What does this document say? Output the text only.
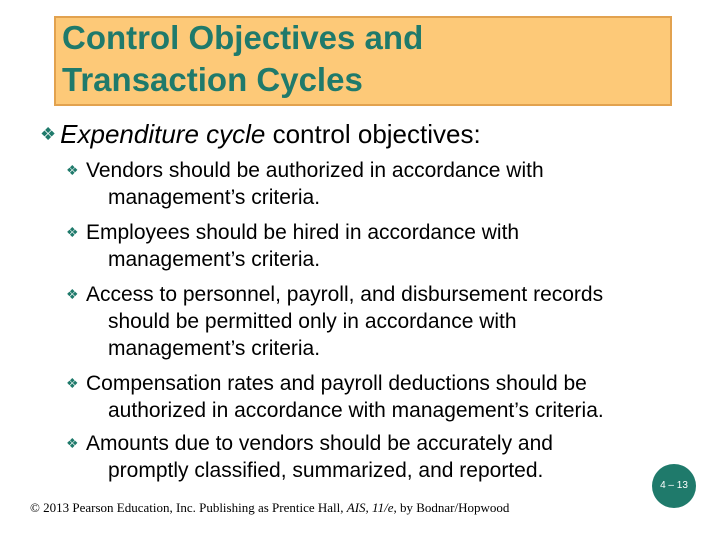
Control Objectives and
Transaction Cycles
❖ Expenditure cycle control objectives:
❖ Vendors should be authorized in accordance with
management’s criteria.
❖ Employees should be hired in accordance with
management’s criteria.
❖ Access to personnel, payroll, and disbursement records
should be permitted only in accordance with
management’s criteria.
❖ Compensation rates and payroll deductions should be
authorized in accordance with management’s criteria.
❖ Amounts due to vendors should be accurately and
promptly classified, summarized, and reported.
© 2013 Pearson Education, Inc. Publishing as Prentice Hall, AIS, 11/e, by Bodnar/Hopwood
4 – 13
